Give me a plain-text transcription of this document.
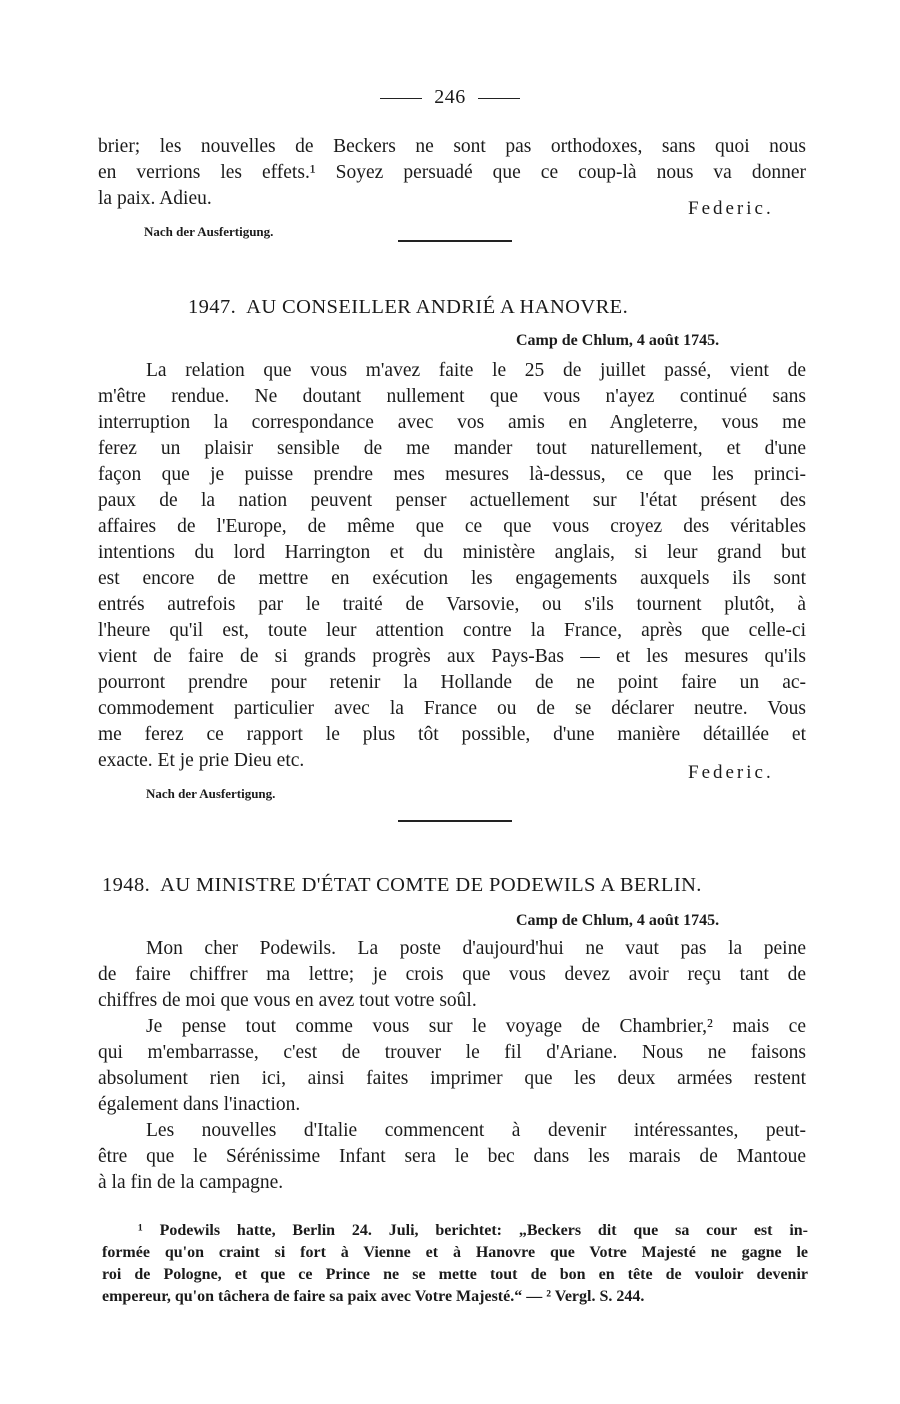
246
brier; les nouvelles de Beckers ne sont pas orthodoxes, sans quoi nous
en verrions les effets.¹ Soyez persuadé que ce coup-là nous va donner
la paix. Adieu.	Federic.
Nach der Ausfertigung.
1947. AU CONSEILLER ANDRIÉ A HANOVRE.
Camp de Chlum, 4 août 1745.
La relation que vous m'avez faite le 25 de juillet passé, vient de
m'être rendue. Ne doutant nullement que vous n'ayez continué sans
interruption la correspondance avec vos amis en Angleterre, vous me
ferez un plaisir sensible de me mander tout naturellement, et d'une
façon que je puisse prendre mes mesures là-dessus, ce que les princi-
paux de la nation peuvent penser actuellement sur l'état présent des
affaires de l'Europe, de même que ce que vous croyez des véritables
intentions du lord Harrington et du ministère anglais, si leur grand but
est encore de mettre en exécution les engagements auxquels ils sont
entrés autrefois par le traité de Varsovie, ou s'ils tournent plutôt, à
l'heure qu'il est, toute leur attention contre la France, après que celle-ci
vient de faire de si grands progrès aux Pays-Bas — et les mesures qu'ils
pourront prendre pour retenir la Hollande de ne point faire un ac-
commodement particulier avec la France ou de se déclarer neutre. Vous
me ferez ce rapport le plus tôt possible, d'une manière détaillée et
exacte. Et je prie Dieu etc.
Federic.
Nach der Ausfertigung.
1948. AU MINISTRE D'ÉTAT COMTE DE PODEWILS A BERLIN.
Camp de Chlum, 4 août 1745.
Mon cher Podewils. La poste d'aujourd'hui ne vaut pas la peine
de faire chiffrer ma lettre; je crois que vous devez avoir reçu tant de
chiffres de moi que vous en avez tout votre soûl.
Je pense tout comme vous sur le voyage de Chambrier,² mais ce
qui m'embarrasse, c'est de trouver le fil d'Ariane. Nous ne faisons
absolument rien ici, ainsi faites imprimer que les deux armées restent
également dans l'inaction.
Les nouvelles d'Italie commencent à devenir intéressantes, peut-
être que le Sérénissime Infant sera le bec dans les marais de Mantoue
à la fin de la campagne.
¹ Podewils hatte, Berlin 24. Juli, berichtet: „Beckers dit que sa cour est in-
formée qu'on craint si fort à Vienne et à Hanovre que Votre Majesté ne gagne le
roi de Pologne, et que ce Prince ne se mette tout de bon en tête de vouloir devenir
empereur, qu'on tâchera de faire sa paix avec Votre Majesté.“ — ² Vergl. S. 244.
